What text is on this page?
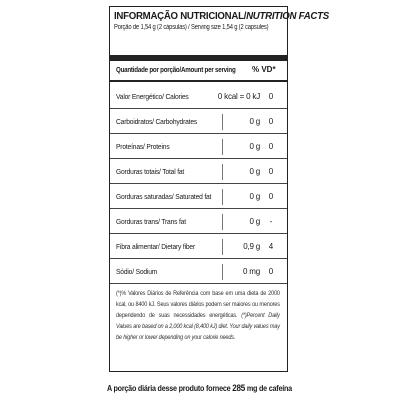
INFORMAÇÃO NUTRICIONAL/NUTRITION FACTS
Porção de 1,54 g (2 cápsulas) / Serving size 1,54 g (2 capsules)
Quantidade por porção/Amount per serving % VD*
Valor Energético/ Calories	0 kcal = 0 kJ	0
Carboidratos/ Carbohydrates	0 g	0
Proteínas/ Proteins	0 g	0
Gorduras totais/ Total fat	0 g	0
Gorduras saturadas/ Saturated fat	0 g	0
Gorduras trans/ Trans fat	0 g	-
Fibra alimentar/ Dietary fiber	0,9 g	4
Sódio/ Sodium	0 mg	0
(*)% Valores Diários de Referência com base em uma dieta de 2000 kcal, ou 8400 kJ. Seus valores diários podem ser maiores ou menores dependendo de suas necessidades energéticas. (*)Percent Daily Values are based on a 2,000 kcal (8,400 kJ) diet. Your daily values may be higher or lower depending on your calorie needs.
A porção diária desse produto fornece 285 mg de cafeína
